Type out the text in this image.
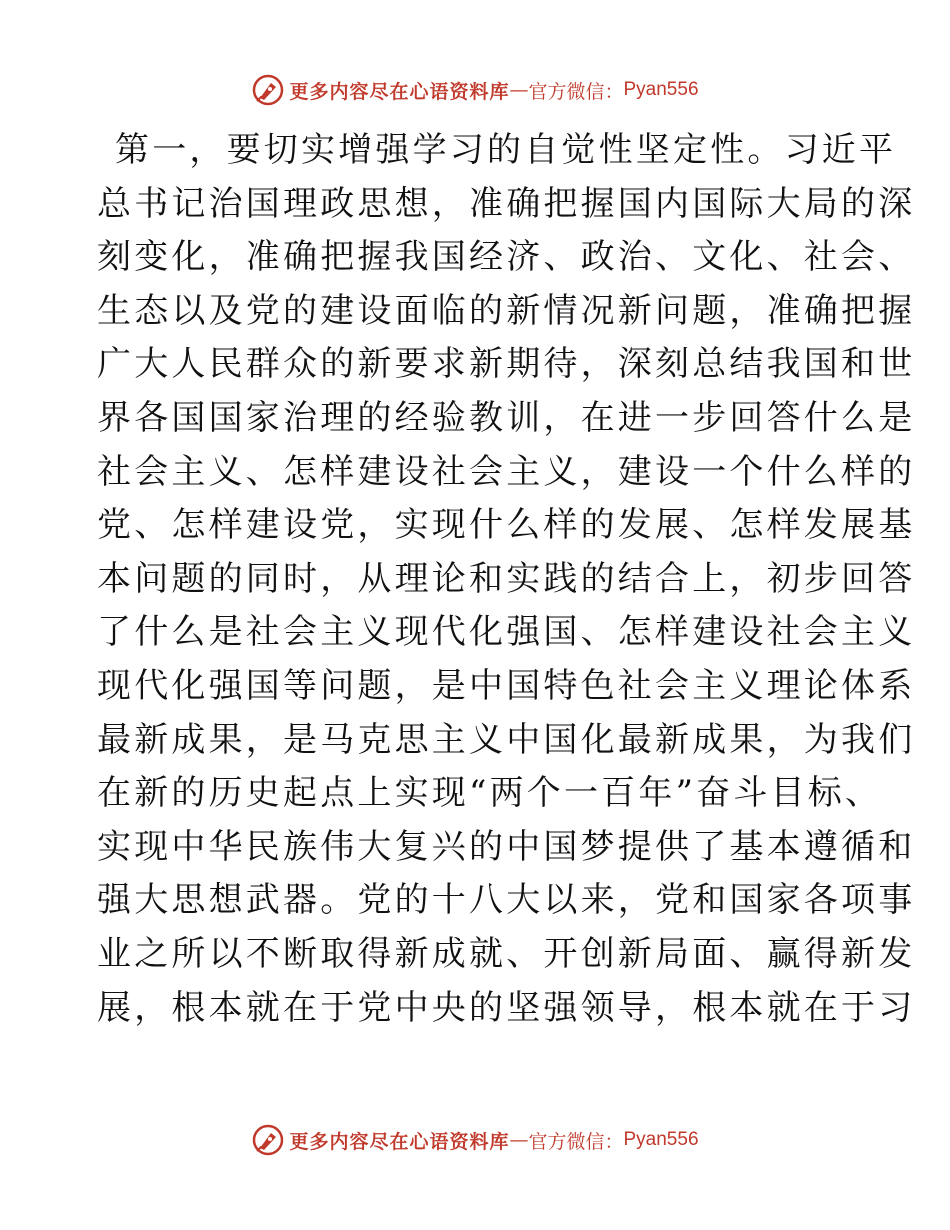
更多内容尽在心语资料库 — 官方微信： Pyan556
第一，要切实增强学习的自觉性坚定性。习近平
总书记治国理政思想，准确把握国内国际大局的深
刻变化，准确把握我国经济、政治、文化、社会、
生态以及党的建设面临的新情况新问题，准确把握
广大人民群众的新要求新期待，深刻总结我国和世
界各国国家治理的经验教训，在进一步回答什么是
社会主义、怎样建设社会主义，建设一个什么样的
党、怎样建设党，实现什么样的发展、怎样发展基
本问题的同时，从理论和实践的结合上，初步回答
了什么是社会主义现代化强国、怎样建设社会主义
现代化强国等问题，是中国特色社会主义理论体系
最新成果，是马克思主义中国化最新成果，为我们
在新的历史起点上实现“两个一百年”奋斗目标、
实现中华民族伟大复兴的中国梦提供了基本遵循和
强大思想武器。党的十八大以来，党和国家各项事
业之所以不断取得新成就、开创新局面、赢得新发
展，根本就在于党中央的坚强领导，根本就在于习
更多内容尽在心语资料库 — 官方微信： Pyan556
